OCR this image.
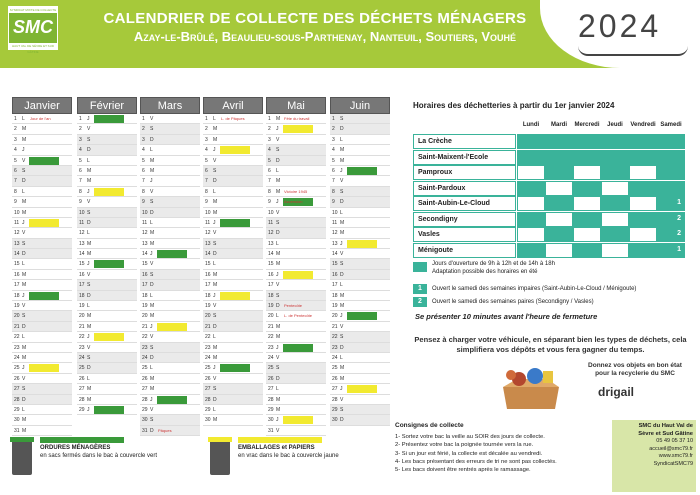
SYNDICAT MIXTE DE COLLECTE
SMC
HAUT VAL DE SÈVRE ET SUD GÂTINE
CALENDRIER DE COLLECTE DES DÉCHETS MÉNAGERS
Azay-le-Brûlé, Beaulieu-sous-Parthenay, Nanteuil, Soutiers, Vouhé	2024
Janvier
1	L	Jour de l'an
2	M
3	M
4	J
5	V
6	S
7	D
8	L
9	M
10 M
11 J
12 V
13 S
14 D
15 L
16 M
17 M
18 J
19 V
20 S
21 D
22 L
23 M
24 M
25 J
26 V
27 S
28 D
29 L
30 M
31 M
Février
1	J
2	V
3	S
4	D
5	L
6	M
7	M
8	J
9	V
10 S
11 D
12 L
13 M
14 M
15 J
16 V
17 S
18 D
19 L
20 M
21 M
22 J
23 V
24 S
25 D
26 L
27 M
28 M
29 J
Mars
1	V
2	S
3	D
4	L
5	M
6	M
7	J
8	V
9	S
10 D
11 L
12 M
13 M
14 J
15 V
16 S
17 D
18 L
19 M
20 M
21 J
22 V
23 S
24 D
25 L
26 M
27 M
28 J
29 V
30 S
31 D	Pâques
Avril
1	L	L. de Pâques
2	M
3	M
4	J
5	V
6	S
7	D
8	L
9	M
10 M
11 J
12 V
13 S
14 D
15 L
16 M
17 M
18 J
19 V
20 S
21 D
22 L
23 M
24 M
25 J
26 V
27 S
28 D
29 L
30 M
Mai
1	M Fête du travail
2	J
3	V
4	S
5	D
6	L
7	M
8	M Victoire 1945
9	J	Ascension
10 V
11 S
12 D
13 L
14 M
15 M
16 J
17 V
18 S
19 D	Pentecôte
20 L	L. de Pentecôte
21 M
22 M
23 J
24 V
25 S
26 D
27 L
28 M
29 M
30 J
31 V
Juin
1	S
2	D
3	L
4	M
5	M
6	J
7	V
8	S
9	D
10 L
11 M
12 M
13 J
14 V
15 S
16 D
17 L
18 M
19 M
20 J
21 V
22 S
23 D
24 L
25 M
26 M
27 J
28 V
29 S
30 D
Horaires des déchetteries à partir du 1er janvier 2024
Lundi	Mardi	Mercredi	Jeudi	Vendredi Samedi
La Crèche
Saint-Maixent-l'Ecole
Pamproux
Saint-Pardoux
Saint-Aubin-Le-Cloud	1
Secondigny	2
Vasles	2
Ménigoute	1
Jours d'ouverture de 9h à 12h et de 14h à 18h
Adaptation possible des horaires en été
1	Ouvert le samedi des semaines impaires (Saint-Aubin-Le-Cloud / Ménigoute)
2	Ouvert le samedi des semaines paires (Secondigny / Vasles)
Se présenter 10 minutes avant l'heure de fermeture
Pensez à charger votre véhicule, en séparant bien les types de déchets, cela simplifiera vos dépôts et vous fera gagner du temps.
Donnez vos objets en bon état pour la recyclerie du SMC
drigail
Consignes de collecte
1- Sortez votre bac la veille au SOIR des jours de collecte.
2- Présentez votre bac la poignée tournée vers la rue.
3- Si un jour est férié, la collecte est décalée au vendredi.
4- Les bacs présentant des erreurs de tri ne sont pas collectés.
5- Les bacs doivent être rentrés après le ramassage.
SMC du Haut Val de
Sèvre et Sud Gâtine
05 49 05 37 10
accueil@smc79.fr
www.smc79.fr
SyndicatSMC79
ORDURES MÉNAGÈRES
en sacs fermés dans le bac à couvercle vert
EMBALLAGES et PAPIERS
en vrac dans le bac à couvercle jaune
